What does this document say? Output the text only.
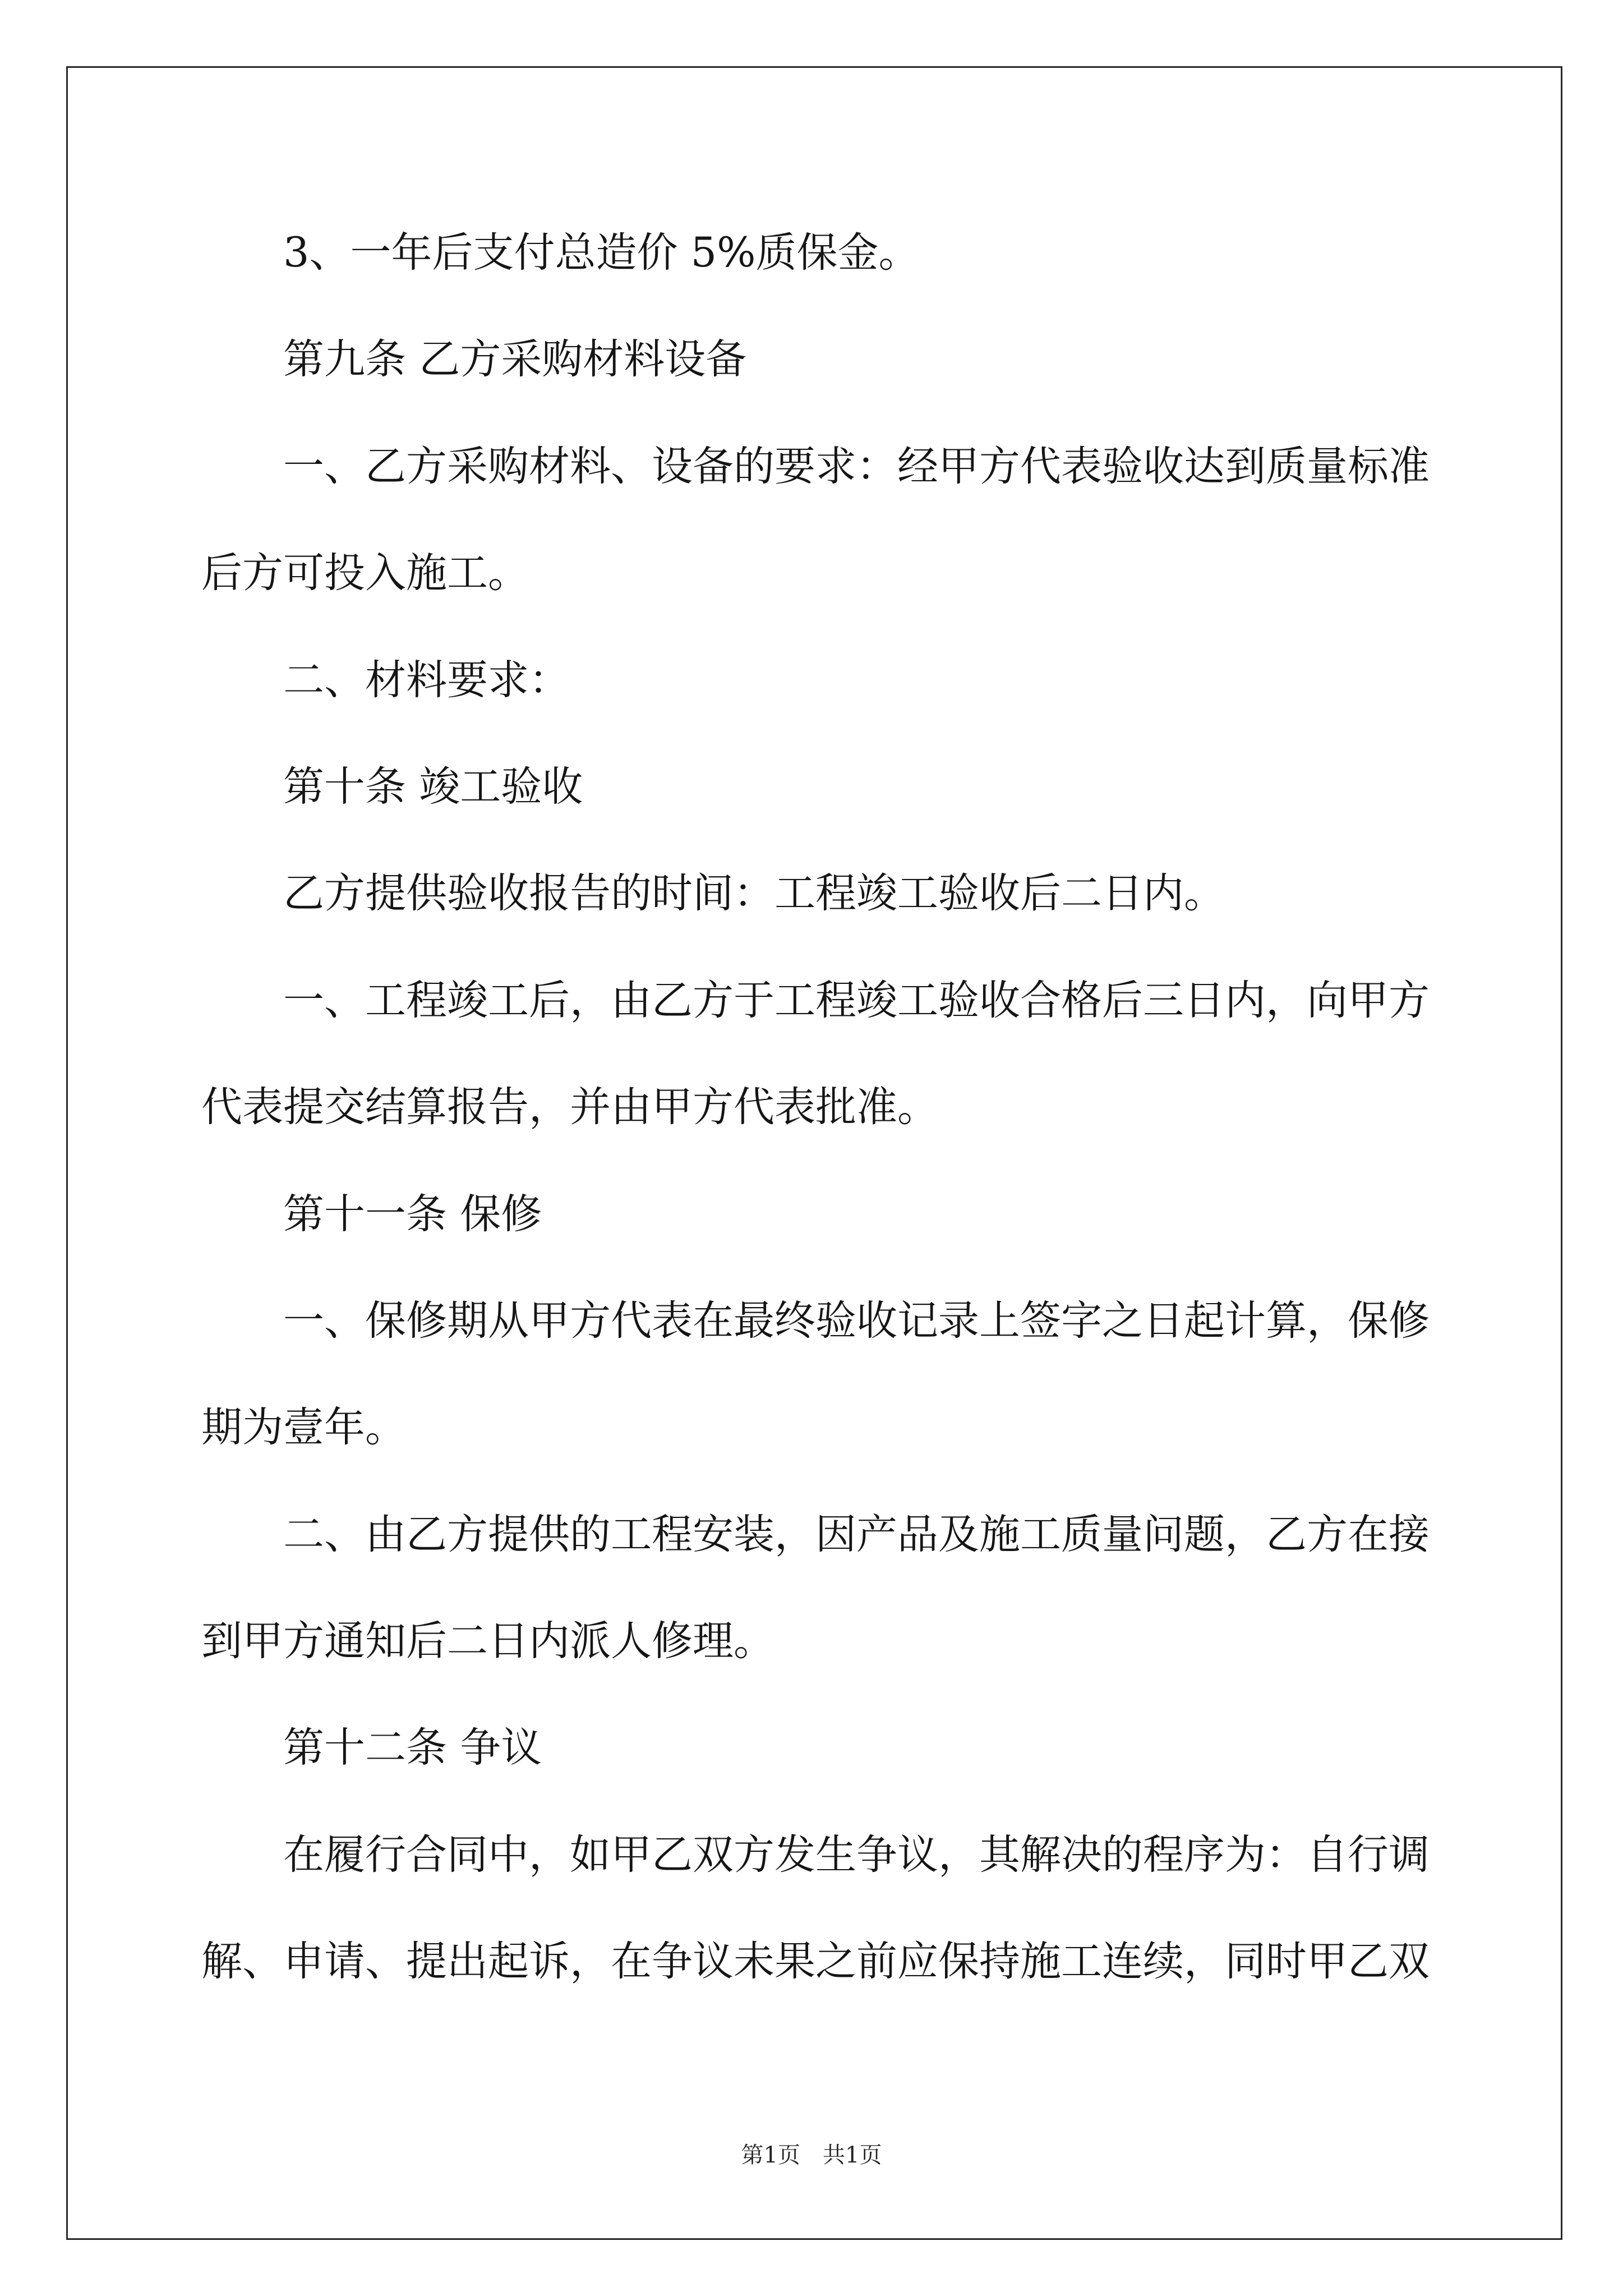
3、一年后支付总造价 5%质保金。
第九条 乙方采购材料设备
一、乙方采购材料、设备的要求：经甲方代表验收达到质量标准
后方可投入施工。
二、材料要求：
第十条 竣工验收
乙方提供验收报告的时间：工程竣工验收后二日内。
一、工程竣工后，由乙方于工程竣工验收合格后三日内，向甲方
代表提交结算报告，并由甲方代表批准。
第十一条 保修
一、保修期从甲方代表在最终验收记录上签字之日起计算，保修
期为壹年。
二、由乙方提供的工程安装，因产品及施工质量问题，乙方在接
到甲方通知后二日内派人修理。
第十二条 争议
在履行合同中，如甲乙双方发生争议，其解决的程序为：自行调
解、申请、提出起诉，在争议未果之前应保持施工连续，同时甲乙双
第1页　共1页
